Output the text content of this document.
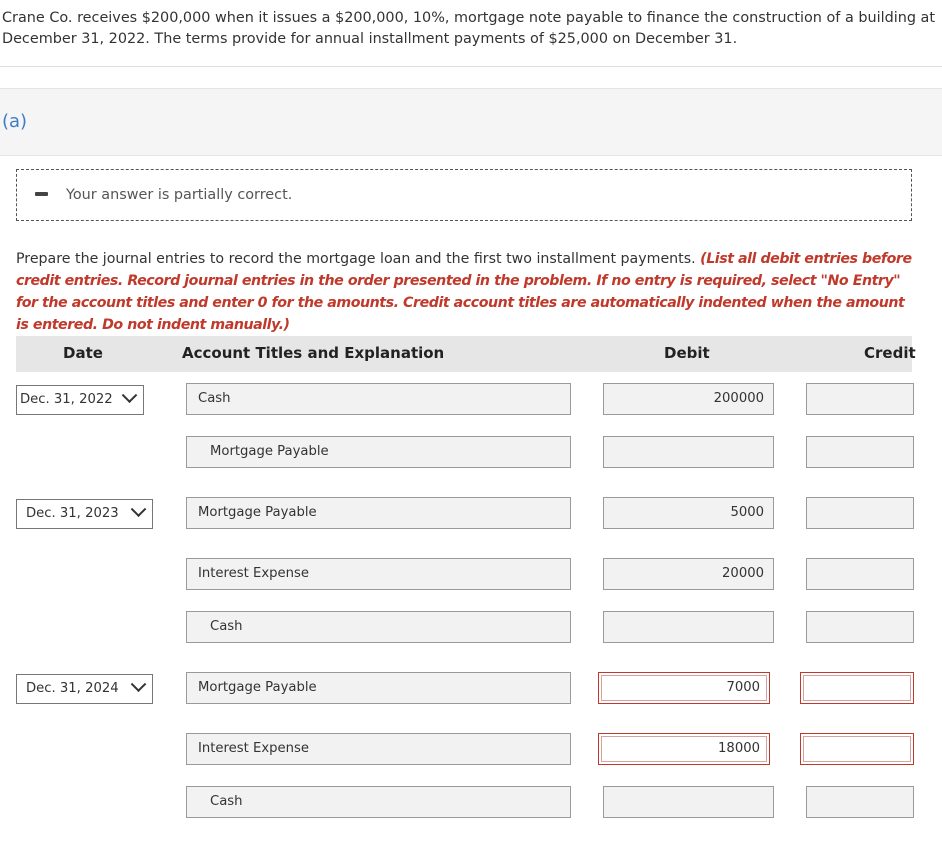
Crane Co. receives $200,000 when it issues a $200,000, 10%, mortgage note payable to finance the construction of a building at December 31, 2022. The terms provide for annual installment payments of $25,000 on December 31.
(a)
Your answer is partially correct.
Prepare the journal entries to record the mortgage loan and the first two installment payments. (List all debit entries before credit entries. Record journal entries in the order presented in the problem. If no entry is required, select "No Entry" for the account titles and enter 0 for the amounts. Credit account titles are automatically indented when the amount is entered. Do not indent manually.)
Date	Account Titles and Explanation	Debit	Credit
Dec. 31, 2022	Cash	200000
Mortgage Payable
Dec. 31, 2023	Mortgage Payable	5000
Interest Expense	20000
Cash
Dec. 31, 2024	Mortgage Payable	7000
Interest Expense	18000
Cash
